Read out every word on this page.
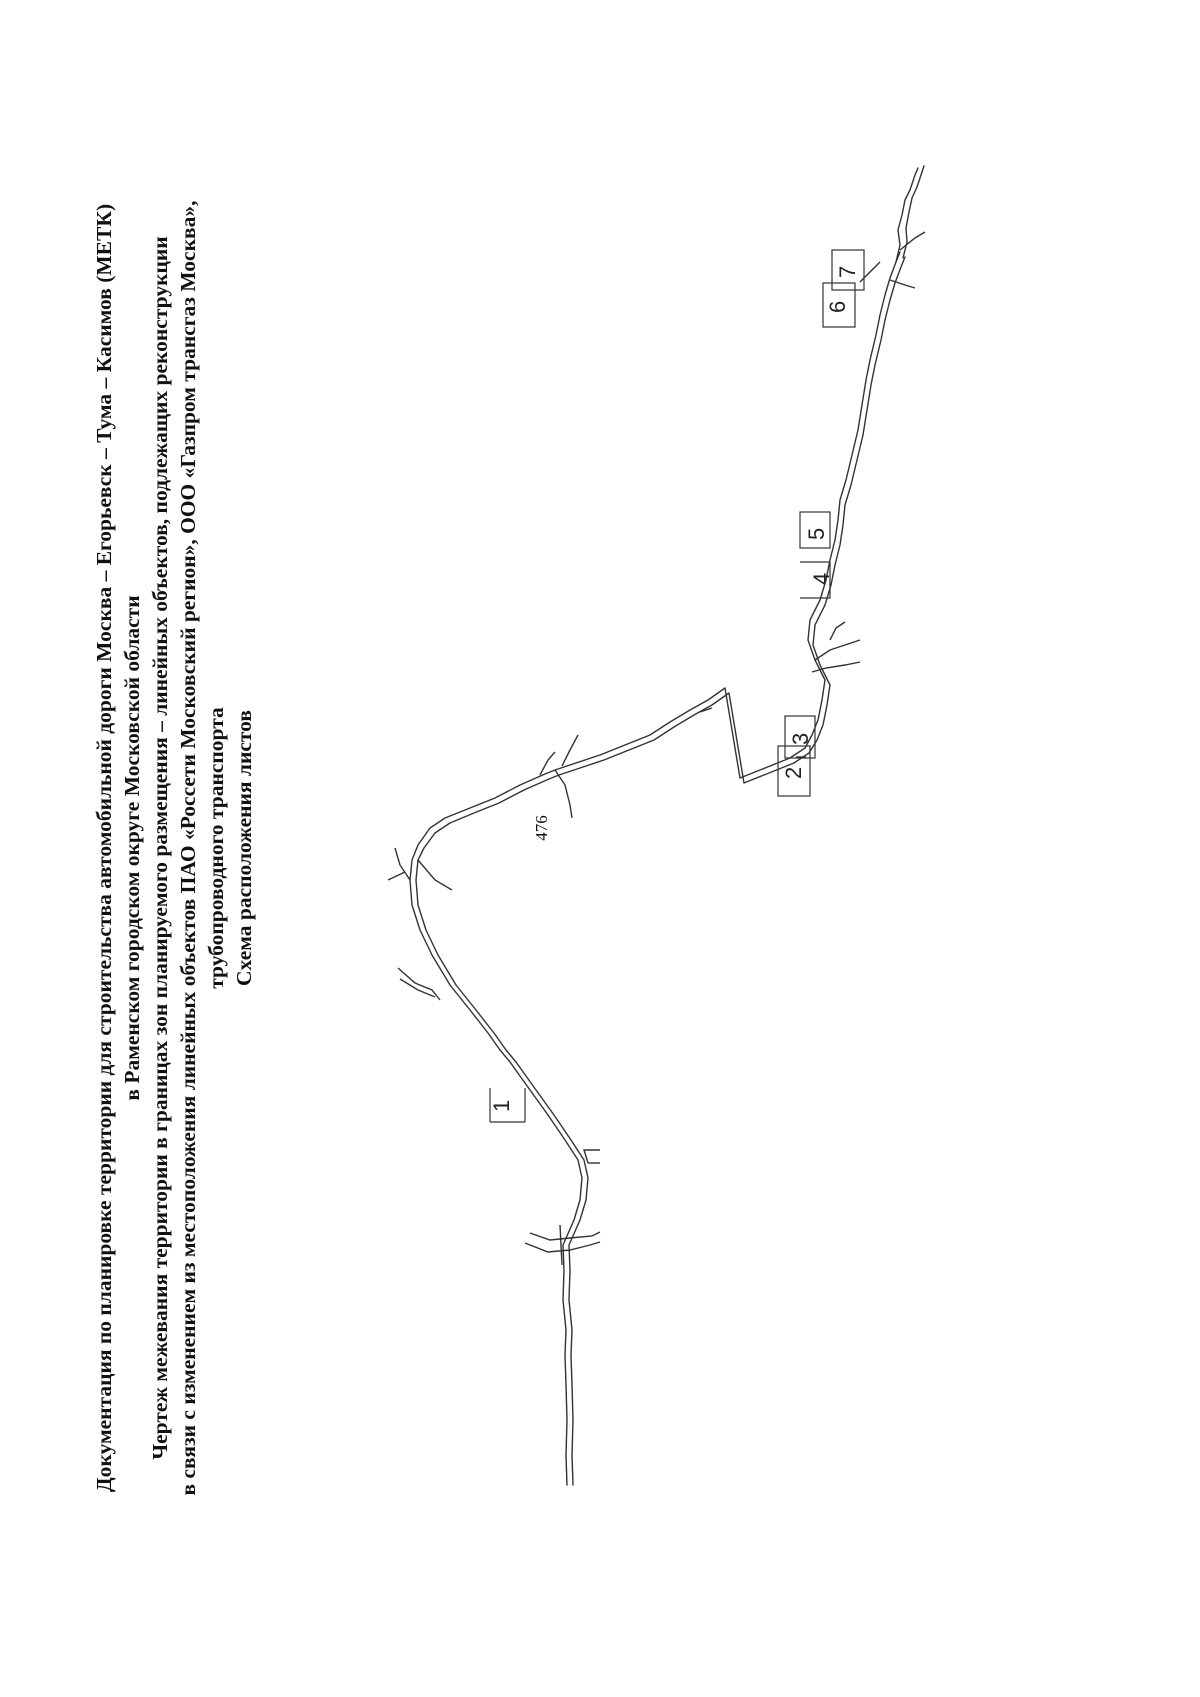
476
Документация по планировке территории для строительства автомобильной дороги Москва – Егорьевск – Тума – Касимов (МЕТК) в Раменском городском округе Московской области Чертеж межевания территории в границах зон планируемого размещения – линейных объектов, подлежащих реконструкции в связи с изменением из местоположения линейных объектов ПАО «Россети Московский регион», ООО «Газпром трансгаз Москва», трубопроводного транспорта Схема расположения листов
1
2
3
4
5
6
7
